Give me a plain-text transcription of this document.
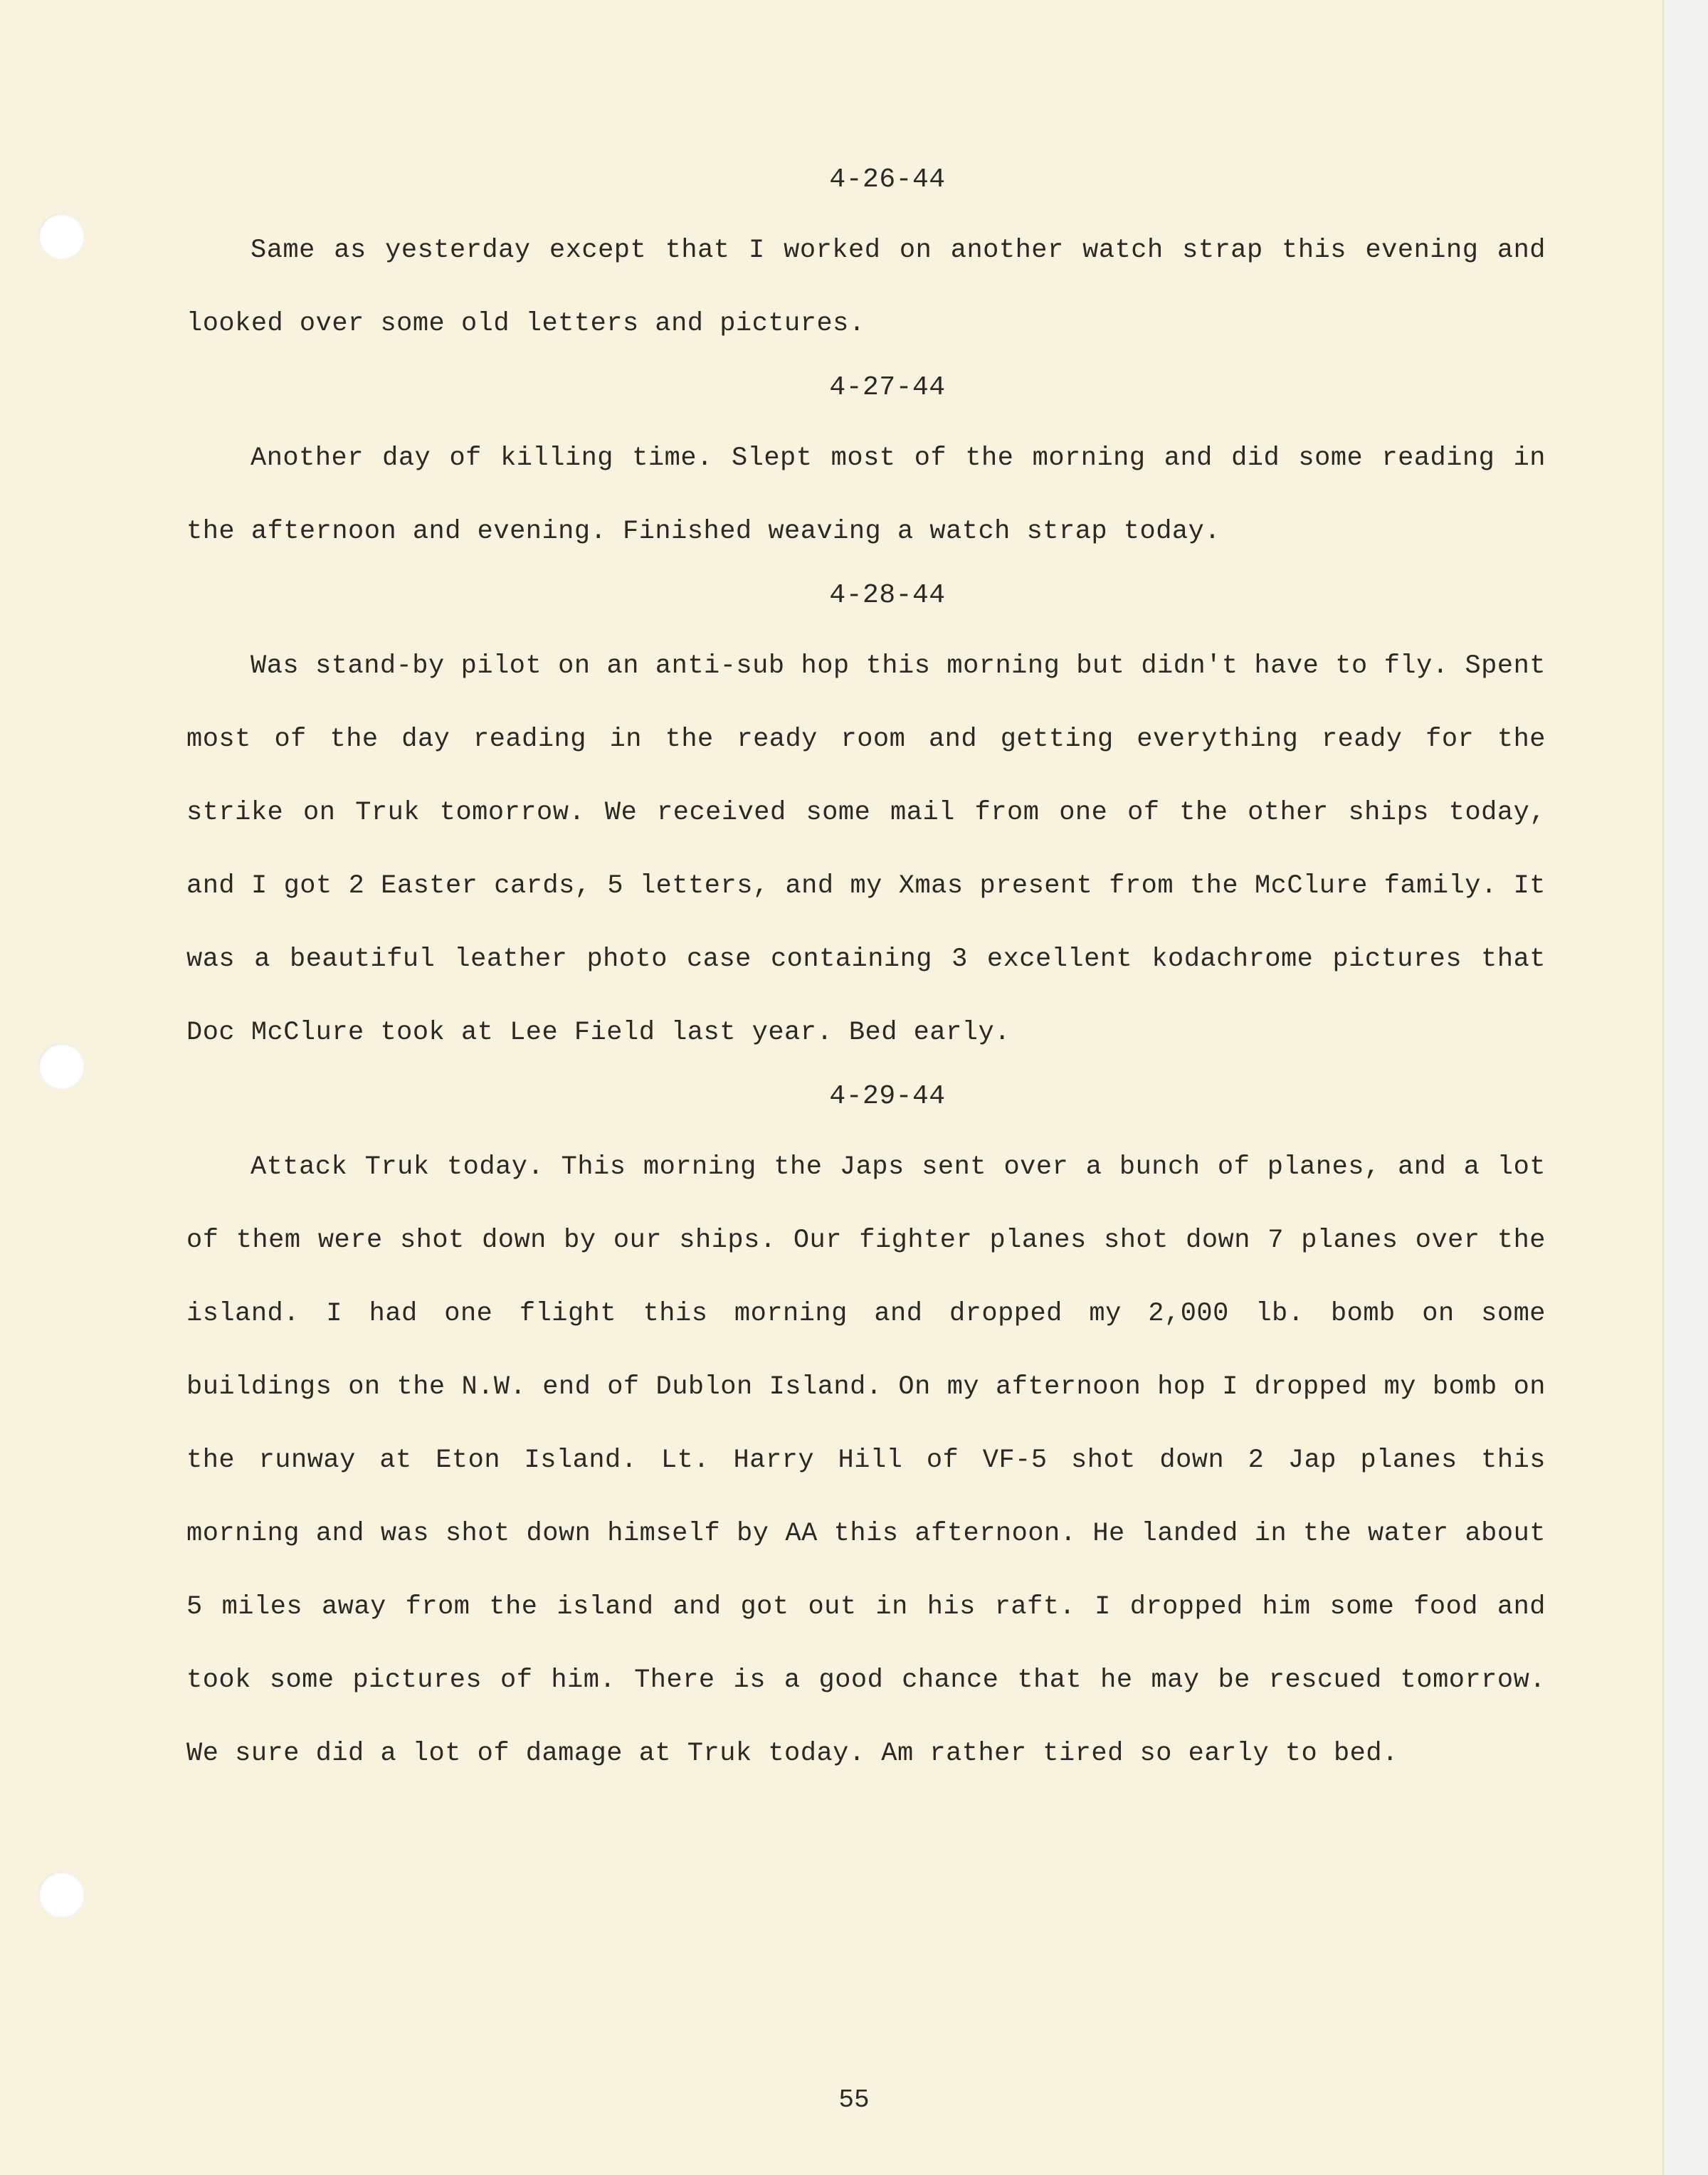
4-26-44

Same as yesterday except that I worked on another watch strap this evening and looked over some old letters and pictures.

4-27-44

Another day of killing time. Slept most of the morning and did some reading in the afternoon and evening. Finished weaving a watch strap today.

4-28-44

Was stand-by pilot on an anti-sub hop this morning but didn't have to fly. Spent most of the day reading in the ready room and getting everything ready for the strike on Truk tomorrow. We received some mail from one of the other ships today, and I got 2 Easter cards, 5 letters, and my Xmas present from the McClure family. It was a beautiful leather photo case containing 3 excellent kodachrome pictures that Doc McClure took at Lee Field last year. Bed early.

4-29-44

Attack Truk today. This morning the Japs sent over a bunch of planes, and a lot of them were shot down by our ships. Our fighter planes shot down 7 planes over the island. I had one flight this morning and dropped my 2,000 lb. bomb on some buildings on the N.W. end of Dublon Island. On my afternoon hop I dropped my bomb on the runway at Eton Island. Lt. Harry Hill of VF-5 shot down 2 Jap planes this morning and was shot down himself by AA this afternoon. He landed in the water about 5 miles away from the island and got out in his raft. I dropped him some food and took some pictures of him. There is a good chance that he may be rescued tomorrow. We sure did a lot of damage at Truk today. Am rather tired so early to bed.

55
